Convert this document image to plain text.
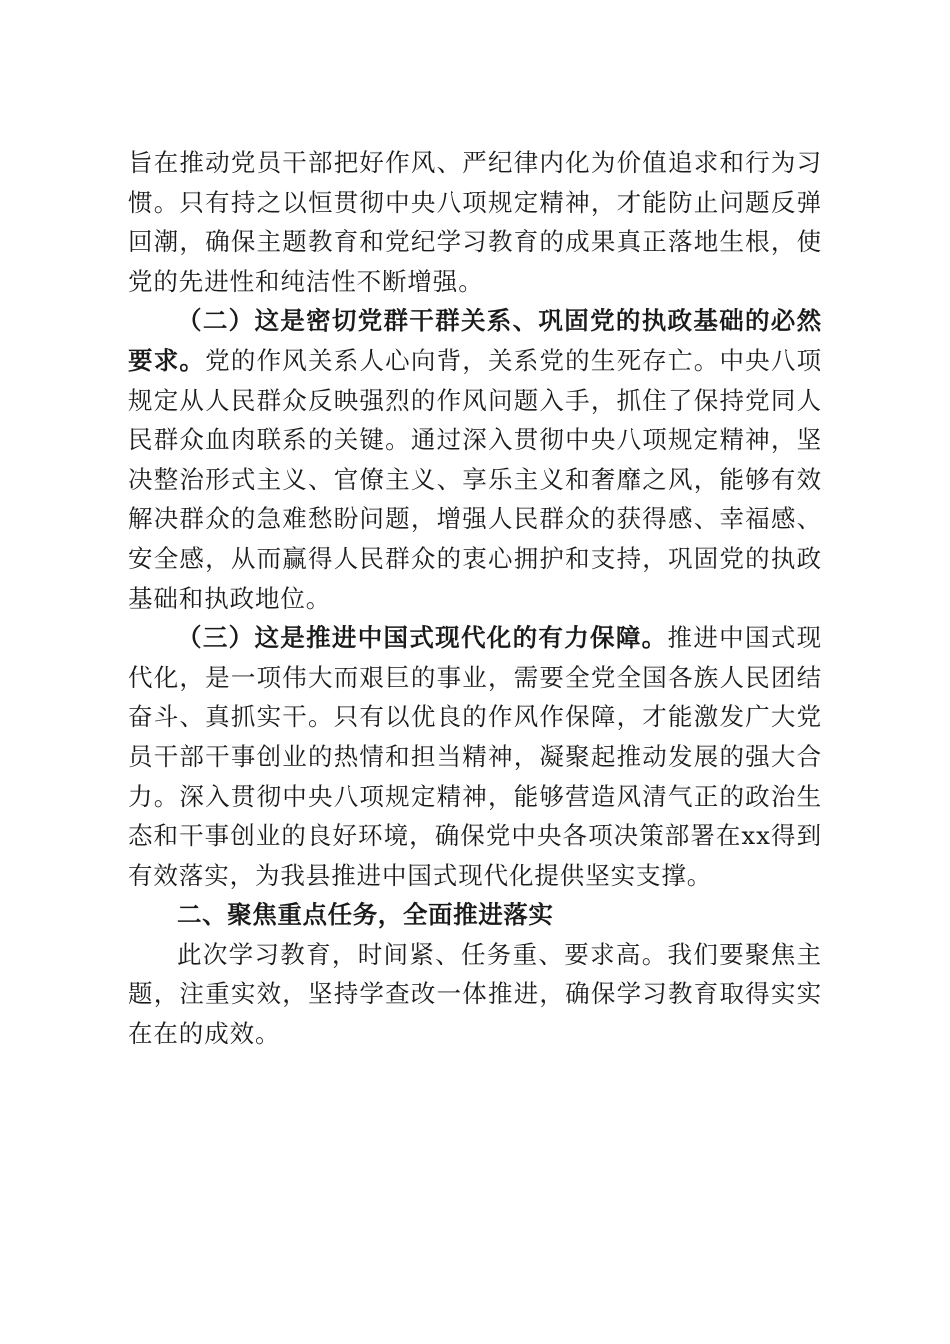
旨在推动党员干部把好作风、严纪律内化为价值追求和行为习惯。只有持之以恒贯彻中央八项规定精神，才能防止问题反弹回潮，确保主题教育和党纪学习教育的成果真正落地生根，使党的先进性和纯洁性不断增强。

（二）这是密切党群干群关系、巩固党的执政基础的必然要求。党的作风关系人心向背，关系党的生死存亡。中央八项规定从人民群众反映强烈的作风问题入手，抓住了保持党同人民群众血肉联系的关键。通过深入贯彻中央八项规定精神，坚决整治形式主义、官僚主义、享乐主义和奢靡之风，能够有效解决群众的急难愁盼问题，增强人民群众的获得感、幸福感、安全感，从而赢得人民群众的衷心拥护和支持，巩固党的执政基础和执政地位。

（三）这是推进中国式现代化的有力保障。推进中国式现代化，是一项伟大而艰巨的事业，需要全党全国各族人民团结奋斗、真抓实干。只有以优良的作风作保障，才能激发广大党员干部干事创业的热情和担当精神，凝聚起推动发展的强大合力。深入贯彻中央八项规定精神，能够营造风清气正的政治生态和干事创业的良好环境，确保党中央各项决策部署在xx得到有效落实，为我县推进中国式现代化提供坚实支撑。

二、聚焦重点任务，全面推进落实

此次学习教育，时间紧、任务重、要求高。我们要聚焦主题，注重实效，坚持学查改一体推进，确保学习教育取得实实在在的成效。
